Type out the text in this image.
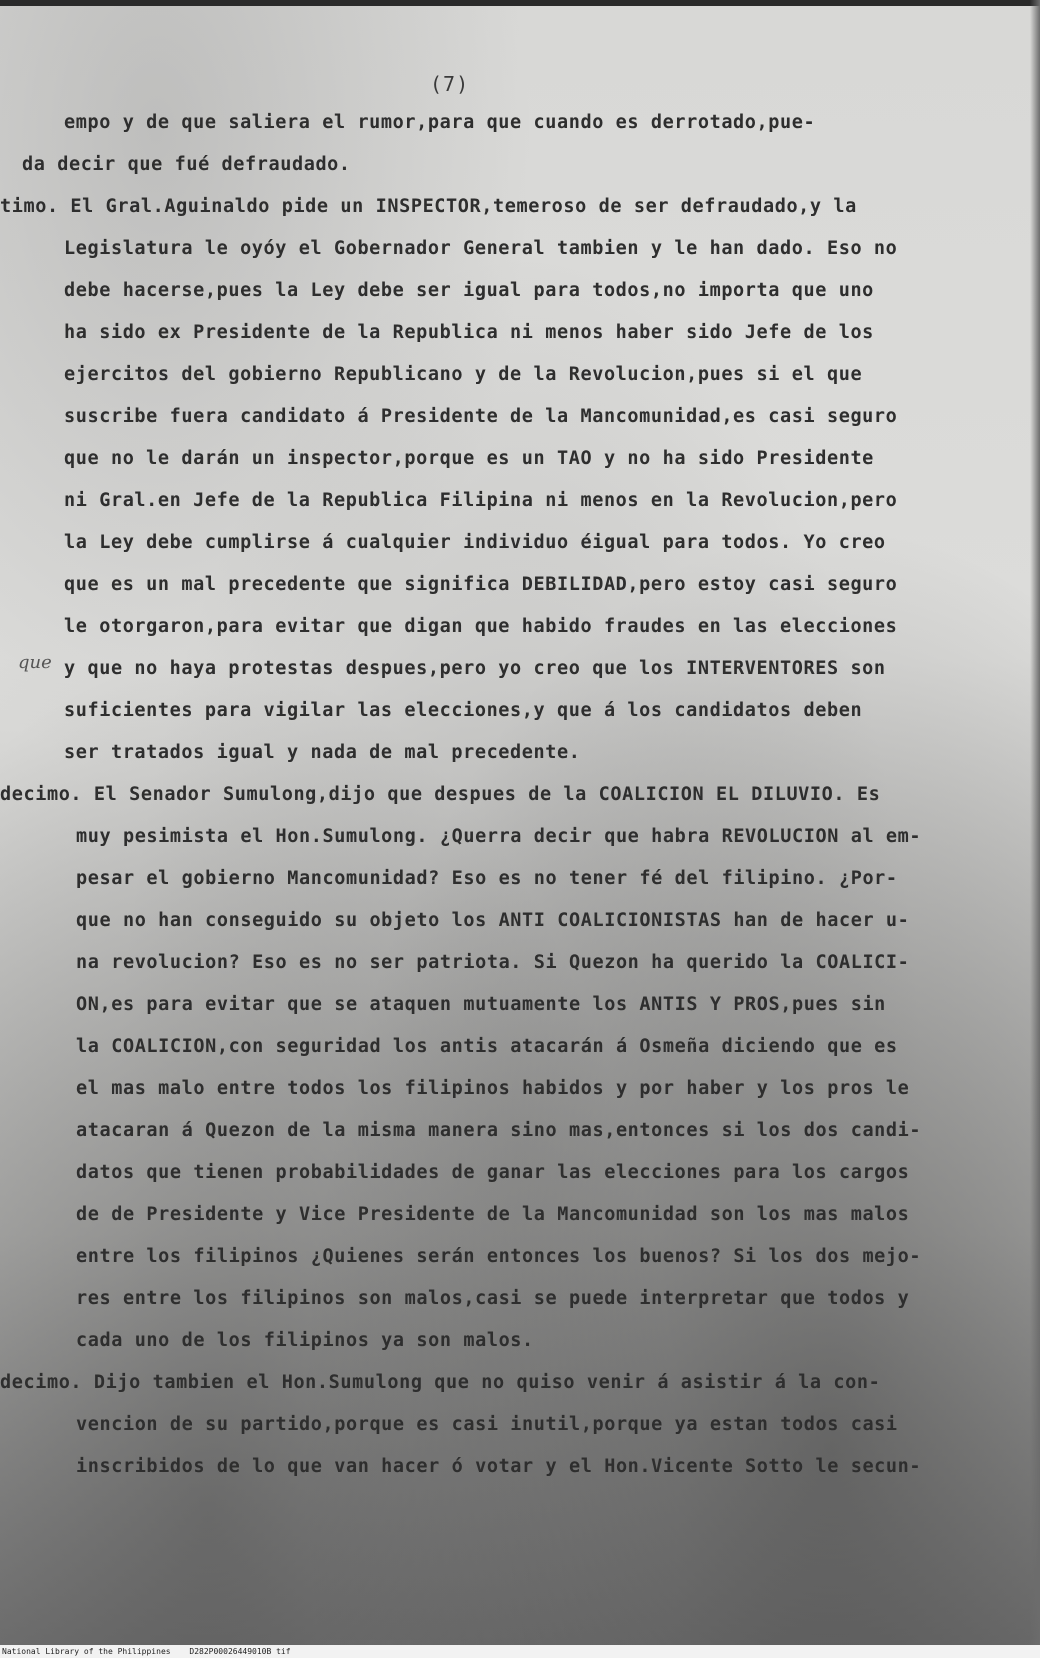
(7)
que
empo y de que saliera el rumor,para que cuando es derrotado,pue-
da decir que fué defraudado.
timo. El Gral.Aguinaldo pide un INSPECTOR,temeroso de ser defraudado,y la
Legislatura le oyóy el Gobernador General tambien y le han dado. Eso no
debe hacerse,pues la Ley debe ser igual para todos,no importa que uno
ha sido ex Presidente de la Republica ni menos haber sido Jefe de los
ejercitos del gobierno Republicano y de la Revolucion,pues si el que
suscribe fuera candidato á Presidente de la Mancomunidad,es casi seguro
que no le darán un inspector,porque es un TAO y no ha sido Presidente
ni Gral.en Jefe de la Republica Filipina ni menos en la Revolucion,pero
la Ley debe cumplirse á cualquier individuo éigual para todos. Yo creo
que es un mal precedente que significa DEBILIDAD,pero estoy casi seguro
le otorgaron,para evitar que digan que habido fraudes en las elecciones
y que no haya protestas despues,pero yo creo que los INTERVENTORES son
suficientes para vigilar las elecciones,y que á los candidatos deben
ser tratados igual y nada de mal precedente.
decimo. El Senador Sumulong,dijo que despues de la COALICION EL DILUVIO. Es
muy pesimista el Hon.Sumulong. ¿Querra decir que habra REVOLUCION al em-
pesar el gobierno Mancomunidad? Eso es no tener fé del filipino. ¿Por-
que no han conseguido su objeto los ANTI COALICIONISTAS han de hacer u-
na revolucion? Eso es no ser patriota. Si Quezon ha querido la COALICI-
ON,es para evitar que se ataquen mutuamente los ANTIS Y PROS,pues sin
la COALICION,con seguridad los antis atacarán á Osmeña diciendo que es
el mas malo entre todos los filipinos habidos y por haber y los pros le
atacaran á Quezon de la misma manera sino mas,entonces si los dos candi-
datos que tienen probabilidades de ganar las elecciones para los cargos
de de Presidente y Vice Presidente de la Mancomunidad son los mas malos
entre los filipinos ¿Quienes serán entonces los buenos? Si los dos mejo-
res entre los filipinos son malos,casi se puede interpretar que todos y
cada uno de los filipinos ya son malos.
decimo. Dijo tambien el Hon.Sumulong que no quiso venir á asistir á la con-
vencion de su partido,porque es casi inutil,porque ya estan todos casi
inscribidos de lo que van hacer ó votar y el Hon.Vicente Sotto le secun-
National Library of the Philippines D282P00026449010B tif
